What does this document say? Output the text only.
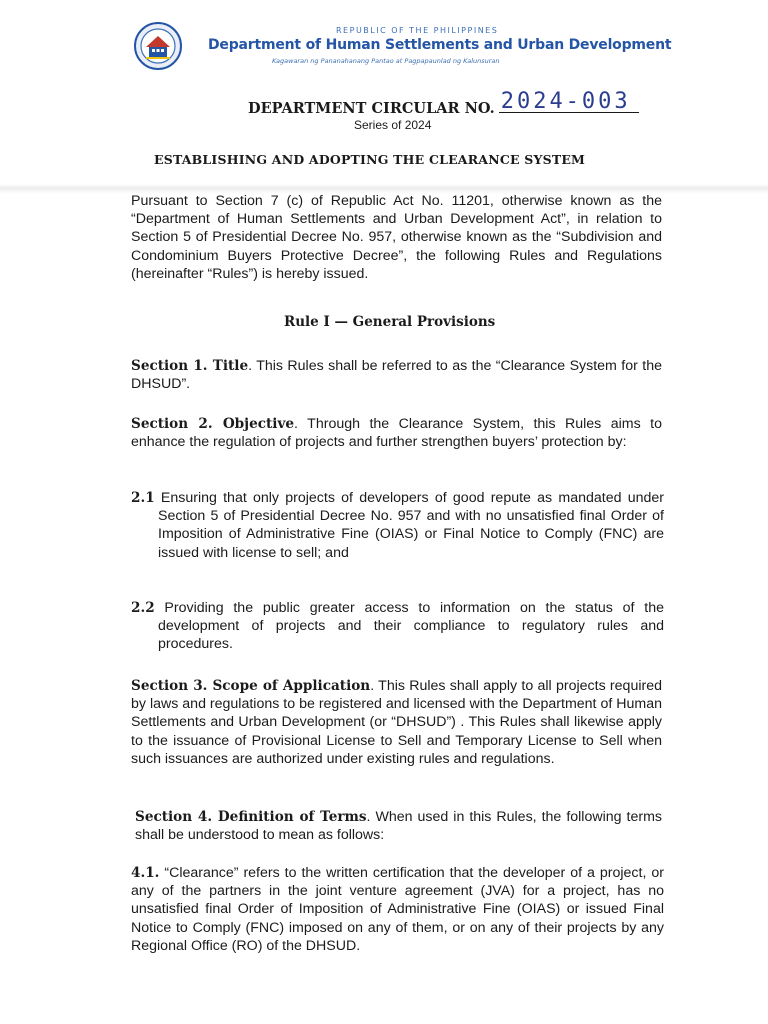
REPUBLIC OF THE PHILIPPINES
Department of Human Settlements and Urban Development
Kagawaran ng Pananahanang Pantao at Pagpapaunlad ng Kalunsuran
DEPARTMENT CIRCULAR NO. 2024-003
Series of 2024
ESTABLISHING AND ADOPTING THE CLEARANCE SYSTEM

Pursuant to Section 7 (c) of Republic Act No. 11201, otherwise known as the “Department of Human Settlements and Urban Development Act”, in relation to Section 5 of Presidential Decree No. 957, otherwise known as the “Subdivision and Condominium Buyers Protective Decree”, the following Rules and Regulations (hereinafter “Rules”) is hereby issued.

Rule I — General Provisions

Section 1. Title. This Rules shall be referred to as the “Clearance System for the DHSUD”.

Section 2. Objective. Through the Clearance System, this Rules aims to enhance the regulation of projects and further strengthen buyers’ protection by:

2.1 Ensuring that only projects of developers of good repute as mandated under Section 5 of Presidential Decree No. 957 and with no unsatisfied final Order of Imposition of Administrative Fine (OIAS) or Final Notice to Comply (FNC) are issued with license to sell; and

2.2 Providing the public greater access to information on the status of the development of projects and their compliance to regulatory rules and procedures.

Section 3. Scope of Application. This Rules shall apply to all projects required by laws and regulations to be registered and licensed with the Department of Human Settlements and Urban Development (or “DHSUD”) . This Rules shall likewise apply to the issuance of Provisional License to Sell and Temporary License to Sell when such issuances are authorized under existing rules and regulations.

Section 4. Definition of Terms. When used in this Rules, the following terms shall be understood to mean as follows:

4.1. “Clearance” refers to the written certification that the developer of a project, or any of the partners in the joint venture agreement (JVA) for a project, has no unsatisfied final Order of Imposition of Administrative Fine (OIAS) or issued Final Notice to Comply (FNC) imposed on any of them, or on any of their projects by any Regional Office (RO) of the DHSUD.
